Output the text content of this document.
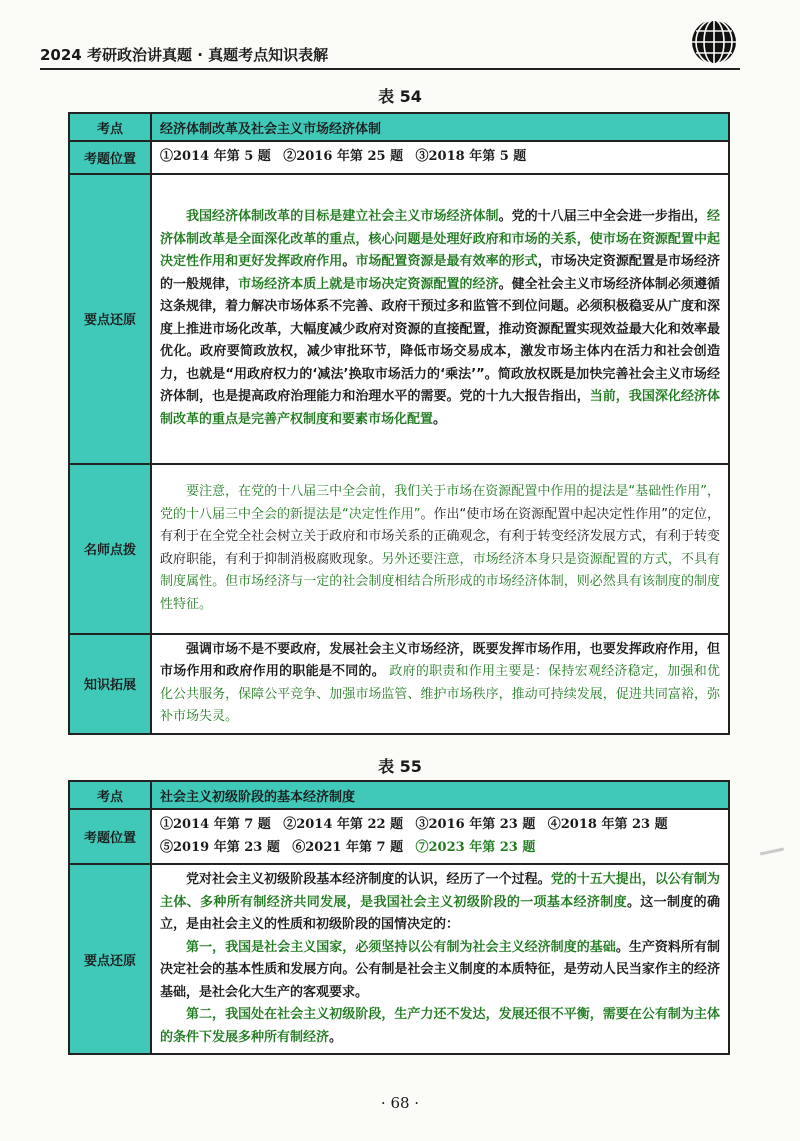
2024 考研政治讲真题 · 真题考点知识表解
表 54
考点	经济体制改革及社会主义市场经济体制
考题位置	①2014 年第 5 题 ②2016 年第 25 题 ③2018 年第 5 题
要点还原	我国经济体制改革的目标是建立社会主义市场经济体制。党的十八届三中全会进一步指出，经济体制改革是全面深化改革的重点，核心问题是处理好政府和市场的关系，使市场在资源配置中起决定性作用和更好发挥政府作用。市场配置资源是最有效率的形式，市场决定资源配置是市场经济的一般规律，市场经济本质上就是市场决定资源配置的经济。健全社会主义市场经济体制必须遵循这条规律，着力解决市场体系不完善、政府干预过多和监管不到位问题。必须积极稳妥从广度和深度上推进市场化改革，大幅度减少政府对资源的直接配置，推动资源配置实现效益最大化和效率最优化。政府要简政放权，减少审批环节，降低市场交易成本，激发市场主体内在活力和社会创造力，也就是“用政府权力的‘减法’换取市场活力的‘乘法’”。简政放权既是加快完善社会主义市场经济体制，也是提高政府治理能力和治理水平的需要。党的十九大报告指出，当前，我国深化经济体制改革的重点是完善产权制度和要素市场化配置。

名师点拨	要注意，在党的十八届三中全会前，我们关于市场在资源配置中作用的提法是“基础性作用”，党的十八届三中全会的新提法是“决定性作用”。作出“使市场在资源配置中起决定性作用”的定位，有利于在全党全社会树立关于政府和市场关系的正确观念，有利于转变经济发展方式，有利于转变政府职能，有利于抑制消极腐败现象。另外还要注意，市场经济本身只是资源配置的方式，不具有制度属性。但市场经济与一定的社会制度相结合所形成的市场经济体制，则必然具有该制度的制度性特征。

知识拓展	强调市场不是不要政府，发展社会主义市场经济，既要发挥市场作用，也要发挥政府作用，但市场作用和政府作用的职能是不同的。 政府的职责和作用主要是：保持宏观经济稳定，加强和优化公共服务，保障公平竞争、加强市场监管、维护市场秩序，推动可持续发展，促进共同富裕，弥补市场失灵。

表 55
考点	社会主义初级阶段的基本经济制度
考题位置	①2014 年第 7 题 ②2014 年第 22 题 ③2016 年第 23 题 ④2018 年第 23 题
⑤2019 年第 23 题 ⑥2021 年第 7 题 ⑦2023 年第 23 题

要点还原	党对社会主义初级阶段基本经济制度的认识，经历了一个过程。党的十五大提出，以公有制为主体、多种所有制经济共同发展，是我国社会主义初级阶段的一项基本经济制度。这一制度的确立，是由社会主义的性质和初级阶段的国情决定的：

第一，我国是社会主义国家，必须坚持以公有制为社会主义经济制度的基础。生产资料所有制决定社会的基本性质和发展方向。公有制是社会主义制度的本质特征，是劳动人民当家作主的经济基础，是社会化大生产的客观要求。

第二，我国处在社会主义初级阶段，生产力还不发达，发展还很不平衡，需要在公有制为主体的条件下发展多种所有制经济。

· 68 ·
